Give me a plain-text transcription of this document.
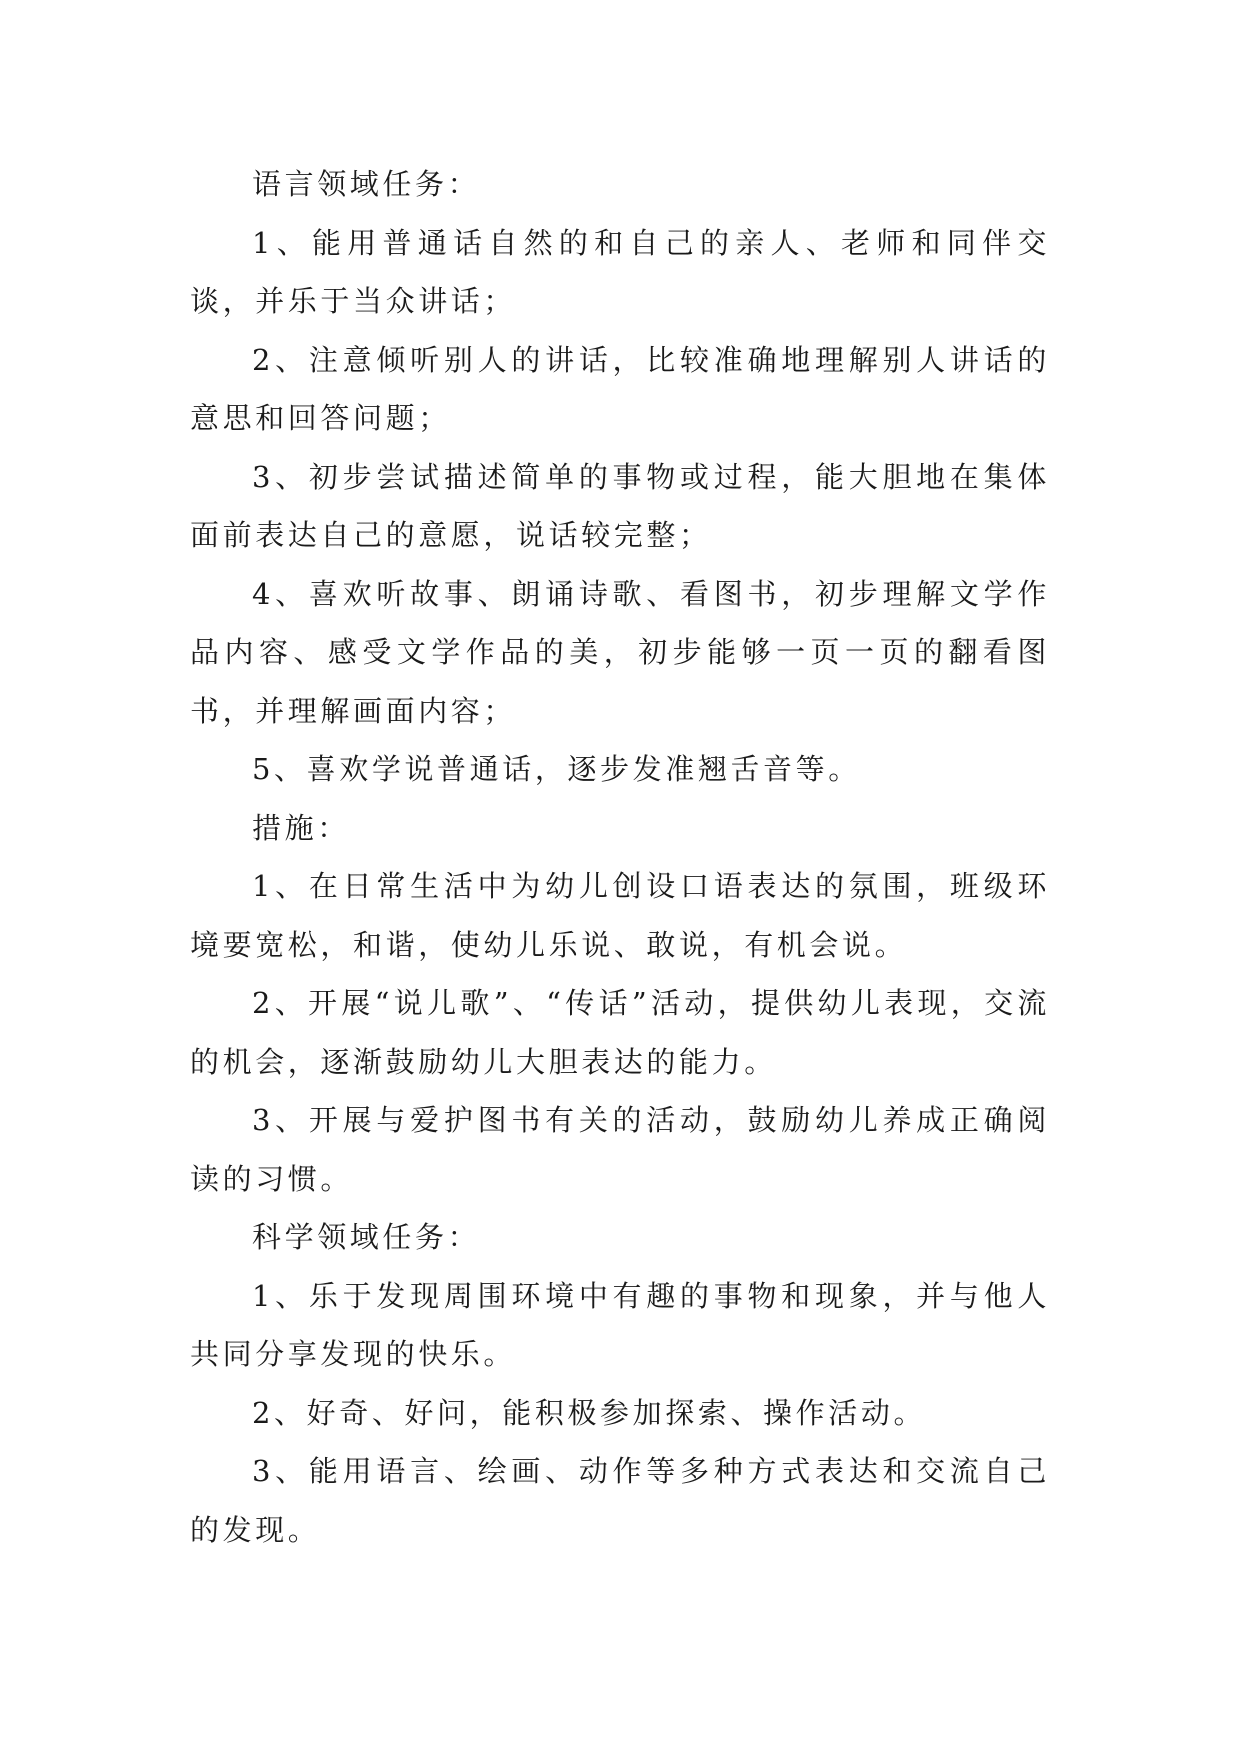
语言领域任务：

1、能用普通话自然的和自己的亲人、老师和同伴交谈，并乐于当众讲话；

2、注意倾听别人的讲话，比较准确地理解别人讲话的意思和回答问题；

3、初步尝试描述简单的事物或过程，能大胆地在集体面前表达自己的意愿，说话较完整；

4、喜欢听故事、朗诵诗歌、看图书，初步理解文学作品内容、感受文学作品的美，初步能够一页一页的翻看图书，并理解画面内容；

5、喜欢学说普通话，逐步发准翘舌音等。

措施：

1、在日常生活中为幼儿创设口语表达的氛围，班级环境要宽松，和谐，使幼儿乐说、敢说，有机会说。

2、开展“说儿歌”、“传话”活动，提供幼儿表现，交流的机会，逐渐鼓励幼儿大胆表达的能力。

3、开展与爱护图书有关的活动，鼓励幼儿养成正确阅读的习惯。

科学领域任务：

1、乐于发现周围环境中有趣的事物和现象，并与他人共同分享发现的快乐。

2、好奇、好问，能积极参加探索、操作活动。

3、能用语言、绘画、动作等多种方式表达和交流自己的发现。
